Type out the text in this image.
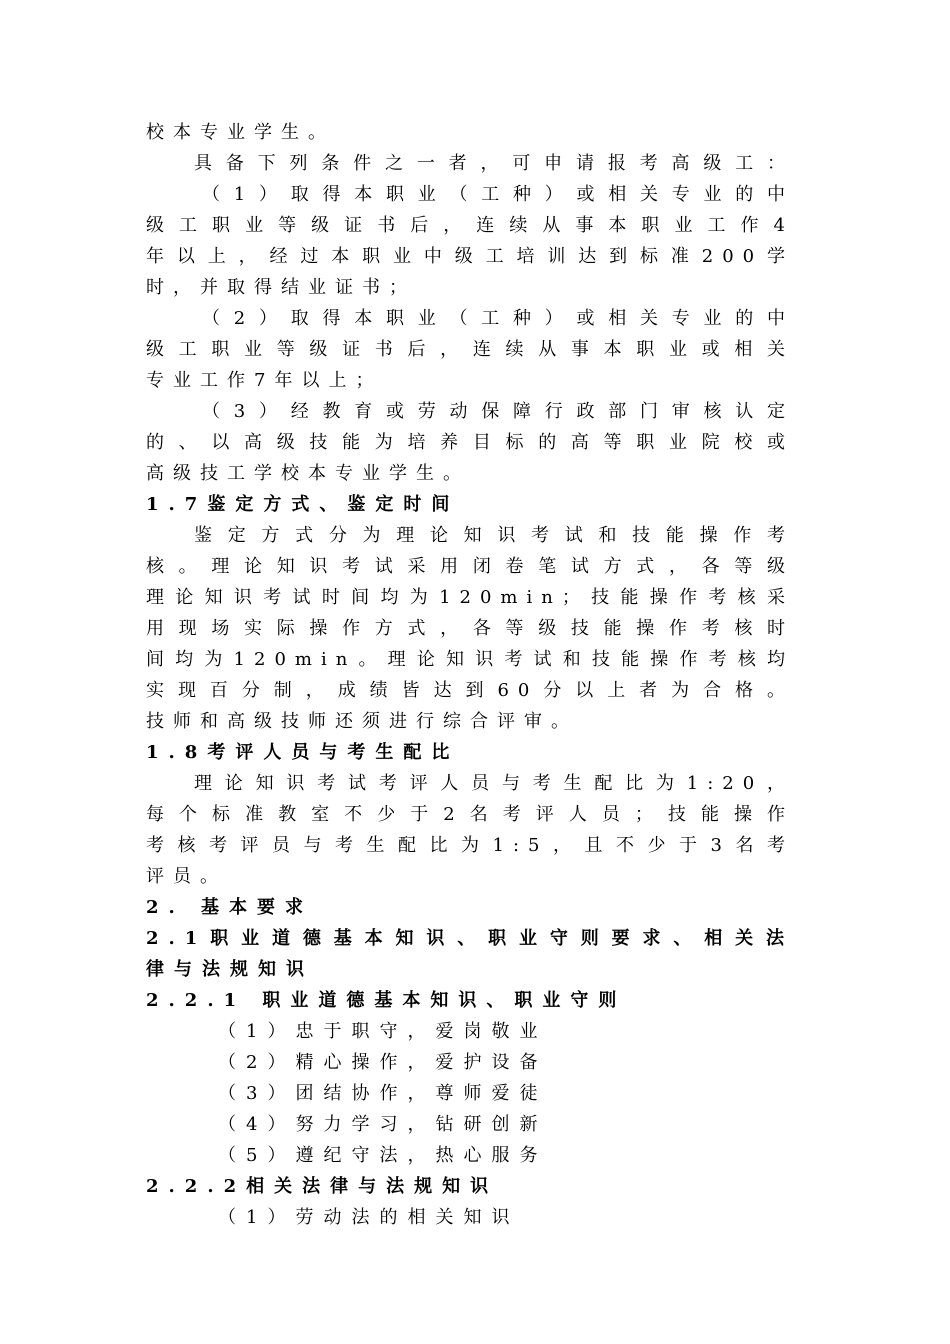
校本专业学生。
具备下列条件之一者，可申请报考高级工：
（1）取得本职业（工种）或相关专业的中
级工职业等级证书后，连续从事本职业工作4
年以上，经过本职业中级工培训达到标准200学
时，并取得结业证书；
（2）取得本职业（工种）或相关专业的中
级工职业等级证书后，连续从事本职业或相关
专业工作7年以上；
（3）经教育或劳动保障行政部门审核认定
的、以高级技能为培养目标的高等职业院校或
高级技工学校本专业学生。
1.7鉴定方式、鉴定时间
鉴定方式分为理论知识考试和技能操作考
核。理论知识考试采用闭卷笔试方式，各等级
理论知识考试时间均为120min；技能操作考核采
用现场实际操作方式，各等级技能操作考核时
间均为120min。理论知识考试和技能操作考核均
实现百分制，成绩皆达到60分以上者为合格。
技师和高级技师还须进行综合评审。
1.8考评人员与考生配比
理论知识考试考评人员与考生配比为1:20，
每个标准教室不少于2名考评人员；技能操作
考核考评员与考生配比为1:5，且不少于3名考
评员。
2. 基本要求
2.1职业道德基本知识、职业守则要求、相关法
律与法规知识
2.2.1 职业道德基本知识、职业守则
（1）忠于职守，爱岗敬业
（2）精心操作，爱护设备
（3）团结协作，尊师爱徒
（4）努力学习，钻研创新
（5）遵纪守法，热心服务
2.2.2相关法律与法规知识
（1）劳动法的相关知识
